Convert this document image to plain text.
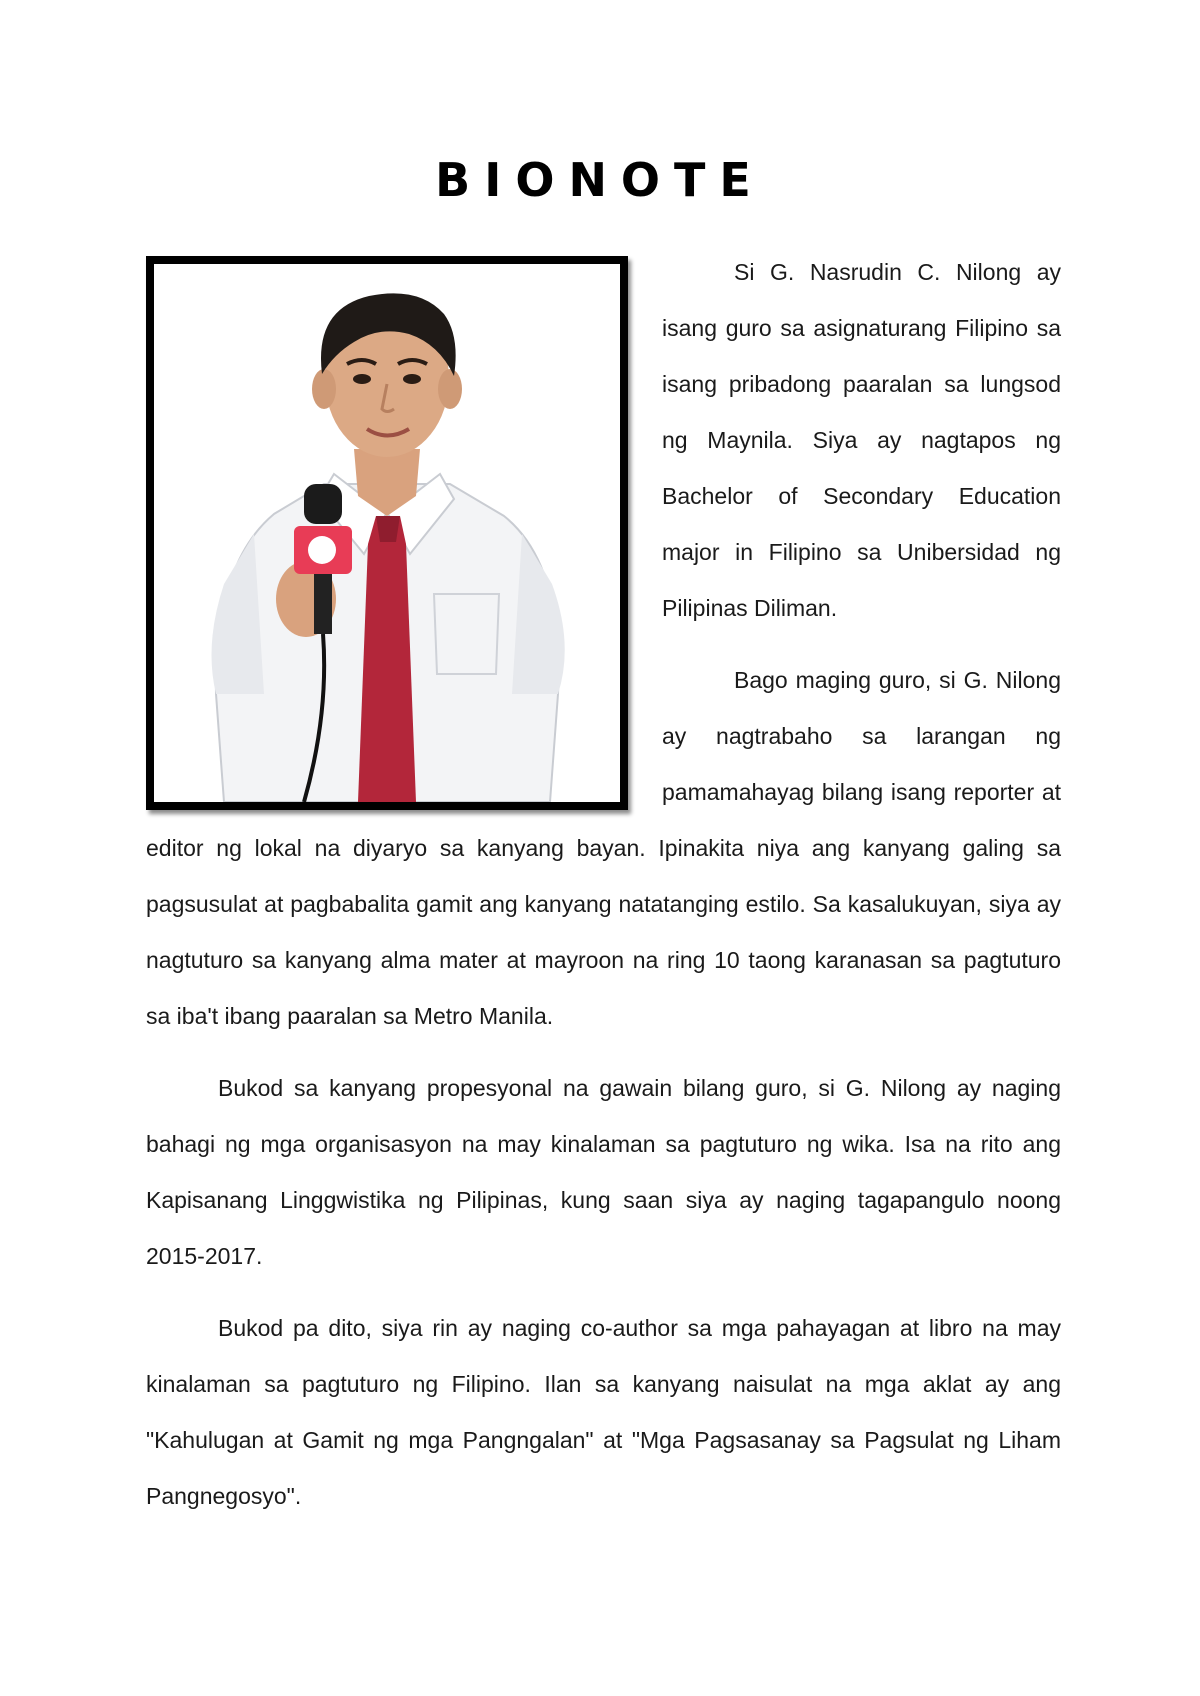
BIONOTE

Si G. Nasrudin C. Nilong ay isang guro sa asignaturang Filipino sa isang pribadong paaralan sa lungsod ng Maynila. Siya ay nagtapos ng Bachelor of Secondary Education major in Filipino sa Unibersidad ng Pilipinas Diliman.

Bago maging guro, si G. Nilong ay nagtrabaho sa larangan ng pamamahayag bilang isang reporter at editor ng lokal na diyaryo sa kanyang bayan. Ipinakita niya ang kanyang galing sa pagsusulat at pagbabalita gamit ang kanyang natatanging estilo. Sa kasalukuyan, siya ay nagtuturo sa kanyang alma mater at mayroon na ring 10 taong karanasan sa pagtuturo sa iba't ibang paaralan sa Metro Manila.

Bukod sa kanyang propesyonal na gawain bilang guro, si G. Nilong ay naging bahagi ng mga organisasyon na may kinalaman sa pagtuturo ng wika. Isa na rito ang Kapisanang Linggwistika ng Pilipinas, kung saan siya ay naging tagapangulo noong 2015-2017.

Bukod pa dito, siya rin ay naging co-author sa mga pahayagan at libro na may kinalaman sa pagtuturo ng Filipino. Ilan sa kanyang naisulat na mga aklat ay ang "Kahulugan at Gamit ng mga Pangngalan" at "Mga Pagsasanay sa Pagsulat ng Liham Pangnegosyo".
